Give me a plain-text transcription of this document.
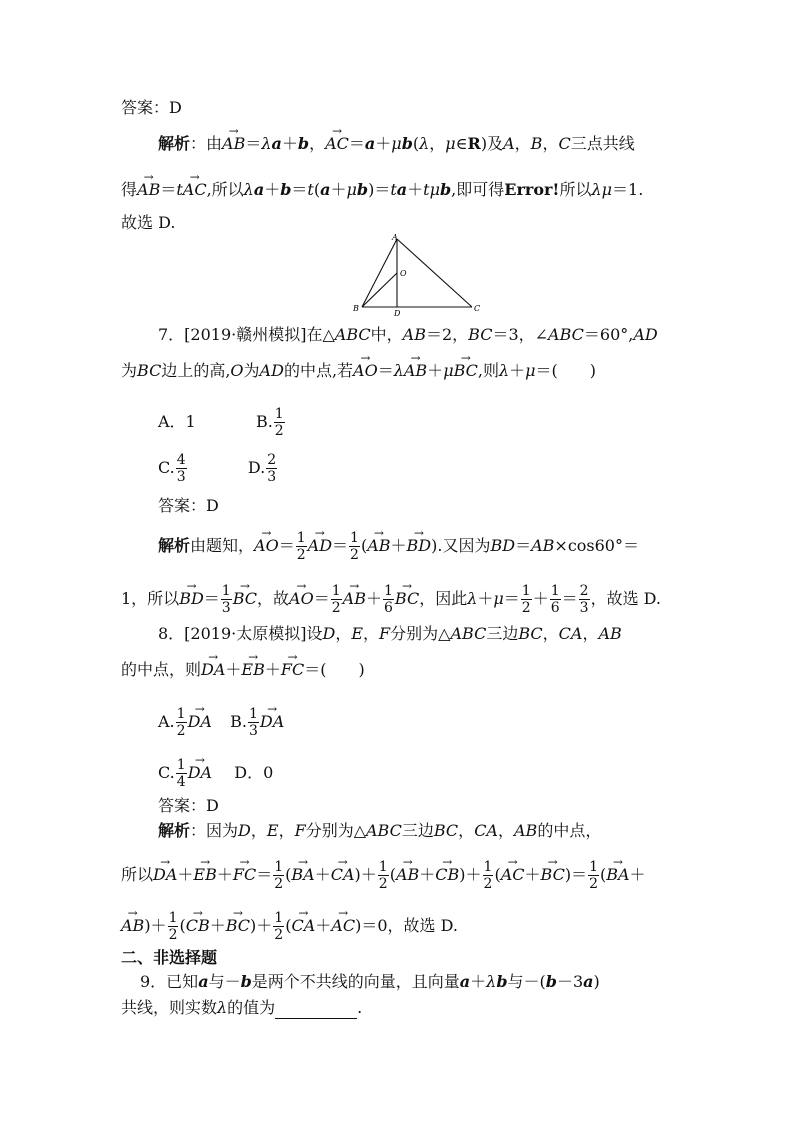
答案：D
解析：由→ AB＝λa＋b，→ AC＝a＋μb(λ，μ∈R)及A，B，C三点共线
得→ AB＝t→ AC,所以λa＋b＝t(a＋μb)＝ta＋tμb,即可得Error!所以λμ＝1.
故选 D.
A
O
B
D
C
7．[2019·赣州模拟]在△ABC中，AB＝2，BC＝3，∠ABC＝60°,AD
为BC边上的高,O为AD的中点,若→ AO＝λ→ AB＋μ→ BC,则λ＋μ＝(　　)
A．1	B. $\frac{1}{2}$
C. $\frac{4}{3}$	D. $\frac{2}{3}$
答案：D
解析由题知，→ $AO= \frac{1}{2}$
→ $AD= \frac{1}{2}$ (→ AB＋→ BD).又因为BD＝AB×cos60°＝
1，所以→ $BD= \frac{1}{3}$
→ BC，故→ $AO= \frac{1}{2}$
→ $AB+ \frac{1}{6}$
→ BC，因此$\lambda+\mu= \frac{1}{2} + \frac{1}{6} = \frac{2}{3}$ ，故选 D.
8．[2019·太原模拟]设D，E，F分别为△ABC三边BC，CA，AB
的中点，则→ DA＋→ EB＋→ FC＝(　　)
A. $\frac{1}{2}$
→ DA B. $\frac{1}{3}$
→ DA
C. $\frac{1}{4}$
→ DA D．0
答案：D
解析：因为D，E，F分别为△ABC三边BC，CA，AB的中点，
所以→ $DA+\to EB+\to FC= \frac{1}{2}$ (→ $BA+\to CA)+ \frac{1}{2}$ (→ $AB+\to CB)+ \frac{1}{2}$ (→ $AC+\to BC)= \frac{1}{2}$ (→ BA＋
→ $AB)+ \frac{1}{2}$ (→ $CB+\to BC)+ \frac{1}{2}$ (→ CA＋→ AC)＝0，故选 D.
二、非选择题
9．已知a与－b是两个不共线的向量，且向量a＋λb与－(b－3a)
共线，则实数λ的值为	.
